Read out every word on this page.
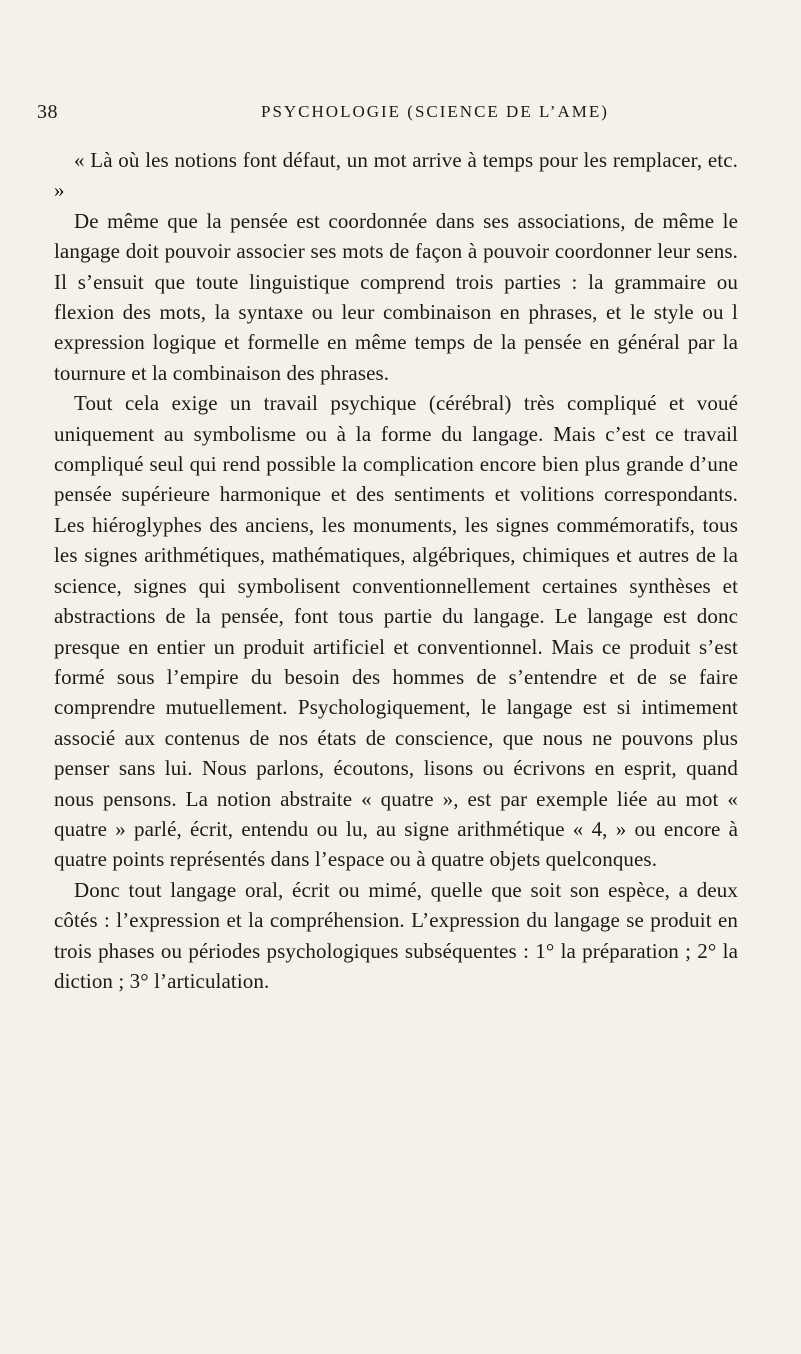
38	PSYCHOLOGIE (SCIENCE DE L’AME)

« Là où les notions font défaut, un mot arrive à temps pour les remplacer, etc. »

De même que la pensée est coordonnée dans ses associations, de même le langage doit pouvoir associer ses mots de façon à pouvoir coordonner leur sens. Il s’ensuit que toute linguistique comprend trois parties : la grammaire ou flexion des mots, la syntaxe ou leur combinaison en phrases, et le style ou l expression logique et formelle en même temps de la pensée en général par la tournure et la combinaison des phrases.

Tout cela exige un travail psychique (cérébral) très compliqué et voué uniquement au symbolisme ou à la forme du langage. Mais c’est ce travail compliqué seul qui rend possible la complication encore bien plus grande d’une pensée supérieure harmonique et des sentiments et volitions correspondants. Les hiéroglyphes des anciens, les monuments, les signes commémoratifs, tous les signes arithmétiques, mathématiques, algébriques, chimiques et autres de la science, signes qui symbolisent conventionnellement certaines synthèses et abstractions de la pensée, font tous partie du langage. Le langage est donc presque en entier un produit artificiel et conventionnel. Mais ce produit s’est formé sous l’empire du besoin des hommes de s’entendre et de se faire comprendre mutuellement. Psychologiquement, le langage est si intimement associé aux contenus de nos états de conscience, que nous ne pouvons plus penser sans lui. Nous parlons, écoutons, lisons ou écrivons en esprit, quand nous pensons. La notion abstraite « quatre », est par exemple liée au mot « quatre » parlé, écrit, entendu ou lu, au signe arithmétique « 4, » ou encore à quatre points représentés dans l’espace ou à quatre objets quelconques.

Donc tout langage oral, écrit ou mimé, quelle que soit son espèce, a deux côtés : l’expression et la compréhension. L’expression du langage se produit en trois phases ou périodes psychologiques subséquentes : 1° la préparation ; 2° la diction ; 3° l’articulation.
